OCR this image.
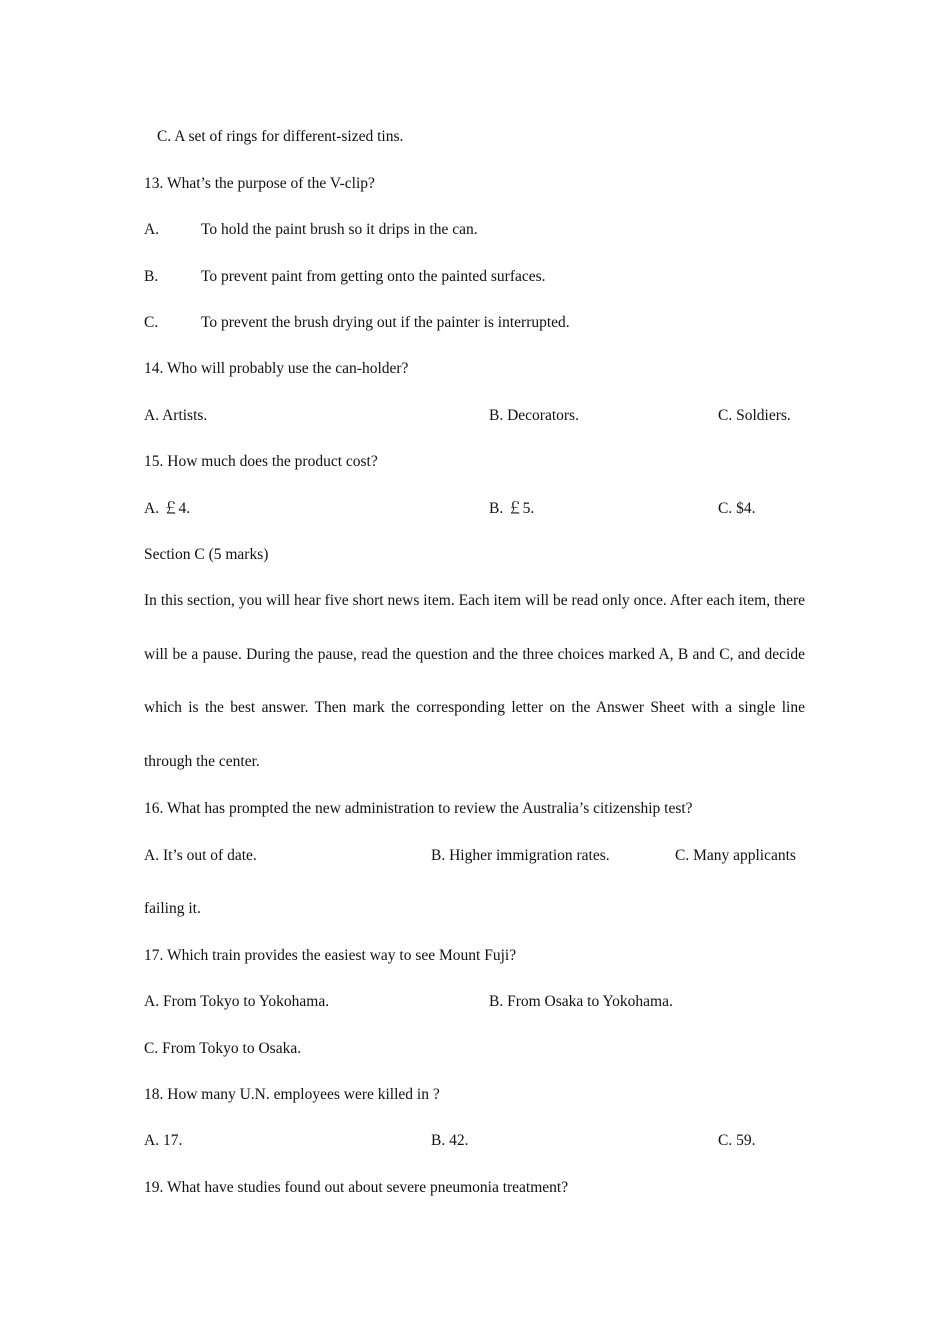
C. A set of rings for different-sized tins.
13. What’s the purpose of the V-clip?
A.	To hold the paint brush so it drips in the can.
B.	To prevent paint from getting onto the painted surfaces.
C.	To prevent the brush drying out if the painter is interrupted.
14. Who will probably use the can-holder?
A. Artists.	B. Decorators.	C. Soldiers.
15. How much does the product cost?
A. ￡4.	B. ￡5.	C. $4.
Section C (5 marks)
In this section, you will hear five short news item. Each item will be read only once. After each item, there will be a pause. During the pause, read the question and the three choices marked A, B and C, and decide which is the best answer. Then mark the corresponding letter on the Answer Sheet with a single line through the center.
16. What has prompted the new administration to review the Australia’s citizenship test?
A. It’s out of date.	B. Higher immigration rates.	C. Many applicants
failing it.
17. Which train provides the easiest way to see Mount Fuji?
A. From Tokyo to Yokohama.	B. From Osaka to Yokohama.
C. From Tokyo to Osaka.
18. How many U.N. employees were killed in ?
A. 17.	B. 42.	C. 59.
19. What have studies found out about severe pneumonia treatment?
